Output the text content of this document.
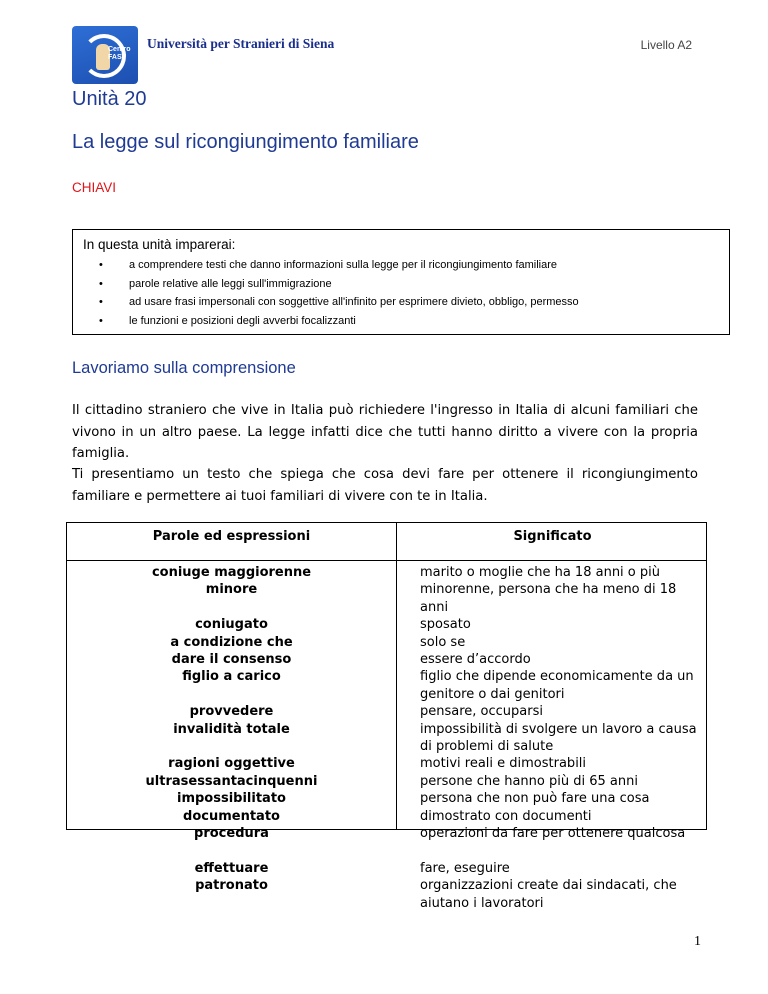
Centro FAST
Università per Stranieri di Siena	Livello A2
Unità 20
La legge sul ricongiungimento familiare
CHIAVI
In questa unità imparerai:
• a comprendere testi che danno informazioni sulla legge per il ricongiungimento familiare
• parole relative alle leggi sull'immigrazione
• ad usare frasi impersonali con soggettive all'infinito per esprimere divieto, obbligo, permesso
• le funzioni e posizioni degli avverbi focalizzanti
Lavoriamo sulla comprensione

Il cittadino straniero che vive in Italia può richiedere l'ingresso in Italia di alcuni familiari che vivono in un altro paese. La legge infatti dice che tutti hanno diritto a vivere con la propria famiglia.

Ti presentiamo un testo che spiega che cosa devi fare per ottenere il ricongiungimento familiare e permettere ai tuoi familiari di vivere con te in Italia.

Parole ed espressioni	Significato
coniuge maggiorenne	marito o moglie che ha 18 anni o più
minore	minorenne, persona che ha meno di 18 anni
coniugato	sposato
a condizione che	solo se
dare il consenso	essere d’accordo
figlio a carico	figlio che dipende economicamente da un genitore o dai genitori
provvedere	pensare, occuparsi
invalidità totale	impossibilità di svolgere un lavoro a causa di problemi di salute
ragioni oggettive	motivi reali e dimostrabili
ultrasessantacinquenni	persone che hanno più di 65 anni
impossibilitato	persona che non può fare una cosa
documentato	dimostrato con documenti
procedura	operazioni da fare per ottenere qualcosa
effettuare	fare, eseguire
patronato	organizzazioni create dai sindacati, che aiutano i lavoratori
1
